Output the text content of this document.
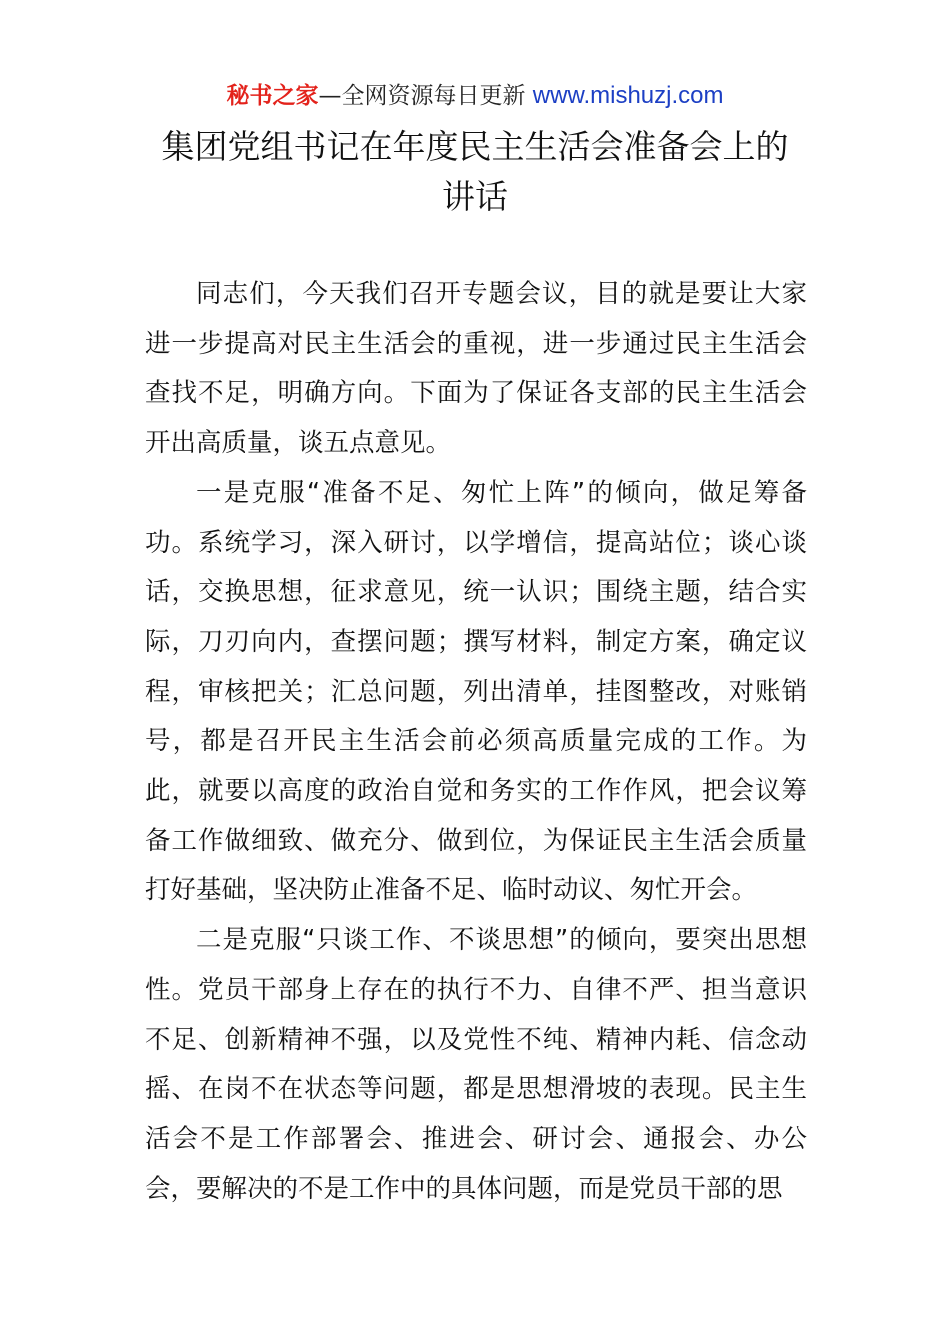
秘书之家—全网资源每日更新 www.mishuzj.com
集团党组书记在年度民主生活会准备会上的
讲话

同志们，今天我们召开专题会议，目的就是要让大家进一步提高对民主生活会的重视，进一步通过民主生活会查找不足，明确方向。下面为了保证各支部的民主生活会开出高质量，谈五点意见。

一是克服“准备不足、匆忙上阵”的倾向，做足筹备功。系统学习，深入研讨，以学增信，提高站位；谈心谈话，交换思想，征求意见，统一认识；围绕主题，结合实际，刀刃向内，查摆问题；撰写材料，制定方案，确定议程，审核把关；汇总问题，列出清单，挂图整改，对账销号，都是召开民主生活会前必须高质量完成的工作。为此，就要以高度的政治自觉和务实的工作作风，把会议筹备工作做细致、做充分、做到位，为保证民主生活会质量打好基础，坚决防止准备不足、临时动议、匆忙开会。

二是克服“只谈工作、不谈思想”的倾向，要突出思想性。党员干部身上存在的执行不力、自律不严、担当意识不足、创新精神不强，以及党性不纯、精神内耗、信念动摇、在岗不在状态等问题，都是思想滑坡的表现。民主生活会不是工作部署会、推进会、研讨会、通报会、办公会，要解决的不是工作中的具体问题，而是党员干部的思
